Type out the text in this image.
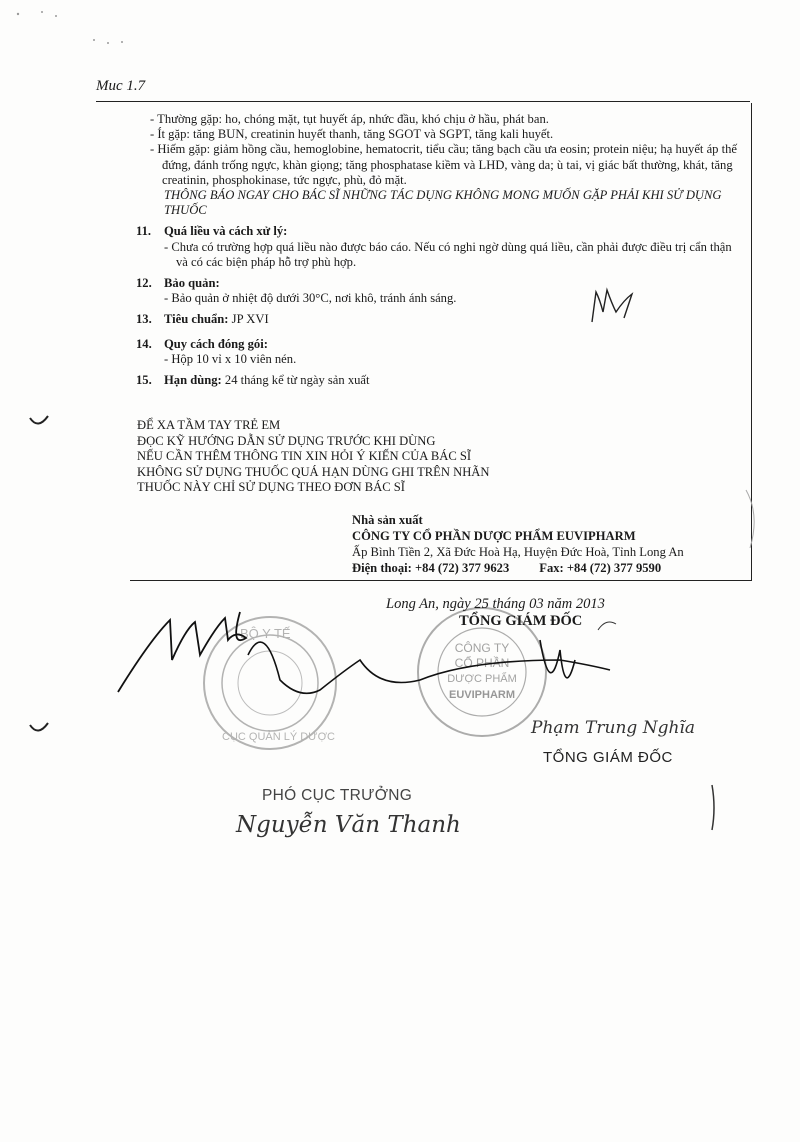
Muc 1.7

- Thường gặp: ho, chóng mặt, tụt huyết áp, nhức đầu, khó chịu ở hầu, phát ban.

- Ít gặp: tăng BUN, creatinin huyết thanh, tăng SGOT và SGPT, tăng kali huyết.

- Hiếm gặp: giảm hồng cầu, hemoglobine, hematocrit, tiểu cầu; tăng bạch cầu ưa eosin; protein niệu; hạ huyết áp thế đứng, đánh trống ngực, khàn giọng; tăng phosphatase kiềm và LHD, vàng da; ù tai, vị giác bất thường, khát, tăng creatinin, phosphokinase, tức ngực, phù, đỏ mặt.

THÔNG BÁO NGAY CHO BÁC SĨ NHỮNG TÁC DỤNG KHÔNG MONG MUỐN GẶP PHẢI KHI SỬ DỤNG THUỐC

11. Quá liều và cách xử lý:
- Chưa có trường hợp quá liều nào được báo cáo. Nếu có nghi ngờ dùng quá liều, cần phải được điều trị cẩn thận và có các biện pháp hỗ trợ phù hợp.
12. Bảo quản:
- Bảo quản ở nhiệt độ dưới 30°C, nơi khô, tránh ánh sáng.
13. Tiêu chuẩn: JP XVI
14. Quy cách đóng gói:
- Hộp 10 vỉ x 10 viên nén.
15. Hạn dùng: 24 tháng kể từ ngày sản xuất
ĐỂ XA TẦM TAY TRẺ EM
ĐỌC KỸ HƯỚNG DẪN SỬ DỤNG TRƯỚC KHI DÙNG
NẾU CẦN THÊM THÔNG TIN XIN HỎI Ý KIẾN CỦA BÁC SĨ
KHÔNG SỬ DỤNG THUỐC QUÁ HẠN DÙNG GHI TRÊN NHÃN
THUỐC NÀY CHỈ SỬ DỤNG THEO ĐƠN BÁC SĨ
Nhà sản xuất
CÔNG TY CỔ PHẦN DƯỢC PHẨM EUVIPHARM
Ấp Bình Tiền 2, Xã Đức Hoà Hạ, Huyện Đức Hoà, Tỉnh Long An
Điện thoại: +84 (72) 377 9623 Fax: +84 (72) 377 9590
BỘ Y TẾ
CỤC QUẢN LÝ DƯỢC
CÔNG TY
CỔ PHẦN
DƯỢC PHẨM
EUVIPHARM
Long An, ngày 25 tháng 03 năm 2013
TỔNG GIÁM ĐỐC
Phạm Trung Nghĩa
TỔNG GIÁM ĐỐC
PHÓ CỤC TRƯỞNG
Nguyễn Văn Thanh
